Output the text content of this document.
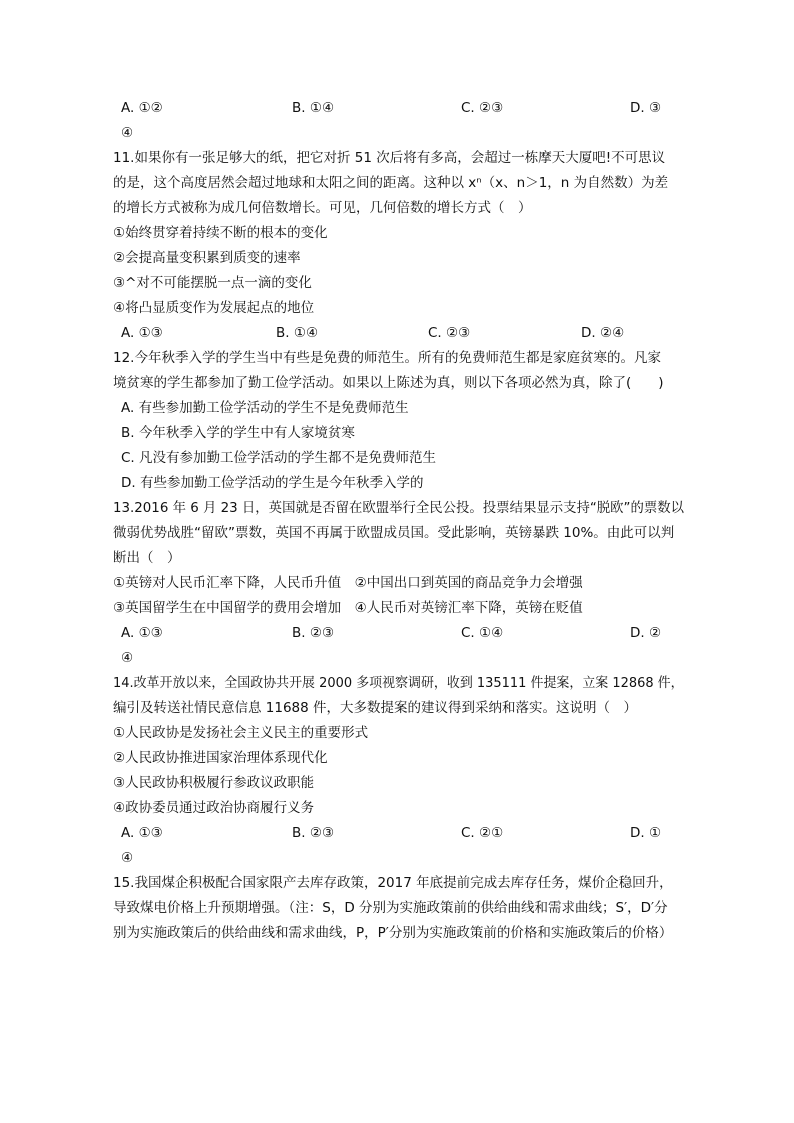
A. ①②	B. ①④	C. ②③	D. ③
④
11.如果你有一张足够大的纸，把它对折 51 次后将有多高，会超过一栋摩天大厦吧!不可思议
的是，这个高度居然会超过地球和太阳之间的距离。这种以 xⁿ（x、n＞1，n 为自然数）为差
的增长方式被称为成几何倍数增长。可见，几何倍数的增长方式（　）
①始终贯穿着持续不断的根本的变化
②会提高量变积累到质变的速率
③^对不可能摆脱一点一滴的变化
④将凸显质变作为发展起点的地位
A. ①③	B. ①④	C. ②③	D. ②④
12.今年秋季入学的学生当中有些是免费的师范生。所有的免费师范生都是家庭贫寒的。凡家
境贫寒的学生都参加了勤工俭学活动。如果以上陈述为真，则以下各项必然为真，除了(　　)
A. 有些参加勤工俭学活动的学生不是免费师范生
B. 今年秋季入学的学生中有人家境贫寒
C. 凡没有参加勤工俭学活动的学生都不是免费师范生
D. 有些参加勤工俭学活动的学生是今年秋季入学的
13.2016 年 6 月 23 日，英国就是否留在欧盟举行全民公投。投票结果显示支持“脱欧”的票数以
微弱优势战胜“留欧”票数，英国不再属于欧盟成员国。受此影响，英镑暴跌 10%。由此可以判
断出（　）
①英镑对人民币汇率下降，人民币升值　②中国出口到英国的商品竞争力会增强
③英国留学生在中国留学的费用会增加　④人民币对英镑汇率下降，英镑在贬值
A. ①③	B. ②③	C. ①④	D. ②
④
14.改革开放以来，全国政协共开展 2000 多项视察调研，收到 135111 件提案，立案 12868 件，
编引及转送社情民意信息 11688 件，大多数提案的建议得到采纳和落实。这说明（　）
①人民政协是发扬社会主义民主的重要形式
②人民政协推进国家治理体系现代化
③人民政协积极履行参政议政职能
④政协委员通过政治协商履行义务
A. ①③	B. ②③	C. ②①	D. ①
④
15.我国煤企积极配合国家限产去库存政策，2017 年底提前完成去库存任务，煤价企稳回升，
导致煤电价格上升预期增强。（注：S，D 分别为实施政策前的供给曲线和需求曲线；S′，D′分
别为实施政策后的供给曲线和需求曲线，P，P′分别为实施政策前的价格和实施政策后的价格）
